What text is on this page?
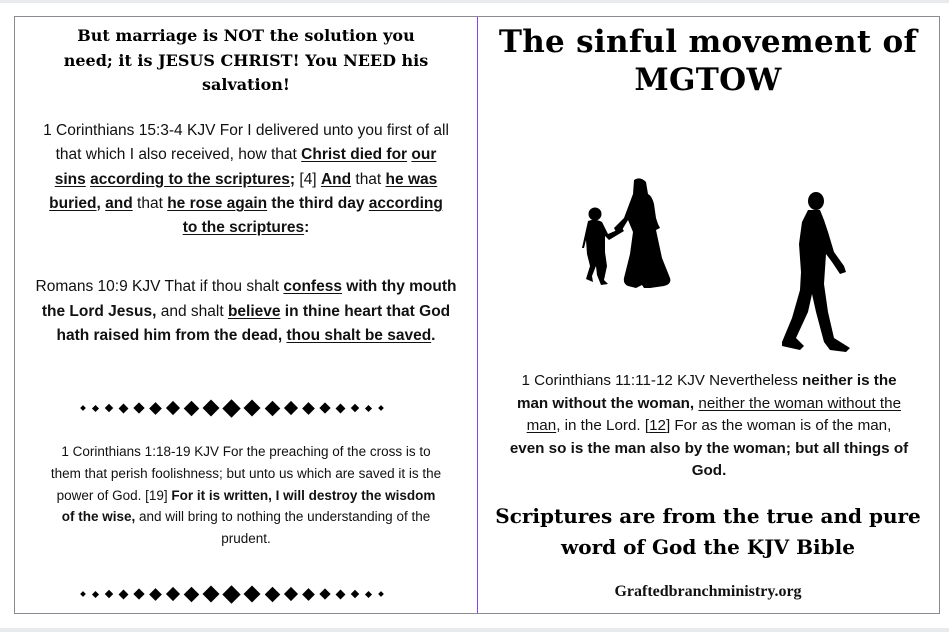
But marriage is NOT the solution you need; it is JESUS CHRIST! You NEED his salvation!
1 Corinthians 15:3-4 KJV For I delivered unto you first of all that which I also received, how that Christ died for our sins according to the scriptures; [4] And that he was buried, and that he rose again the third day according to the scriptures:
Romans 10:9 KJV That if thou shalt confess with thy mouth the Lord Jesus, and shalt believe in thine heart that God hath raised him from the dead, thou shalt be saved.
1 Corinthians 1:18-19 KJV For the preaching of the cross is to them that perish foolishness; but unto us which are saved it is the power of God. [19] For it is written, I will destroy the wisdom of the wise, and will bring to nothing the understanding of the prudent.
The sinful movement of MGTOW
1 Corinthians 11:11-12 KJV Nevertheless neither is the man without the woman, neither the woman without the man, in the Lord. [12] For as the woman is of the man, even so is the man also by the woman; but all things of God.
Scriptures are from the true and pure word of God the KJV Bible
Graftedbranchministry.org
